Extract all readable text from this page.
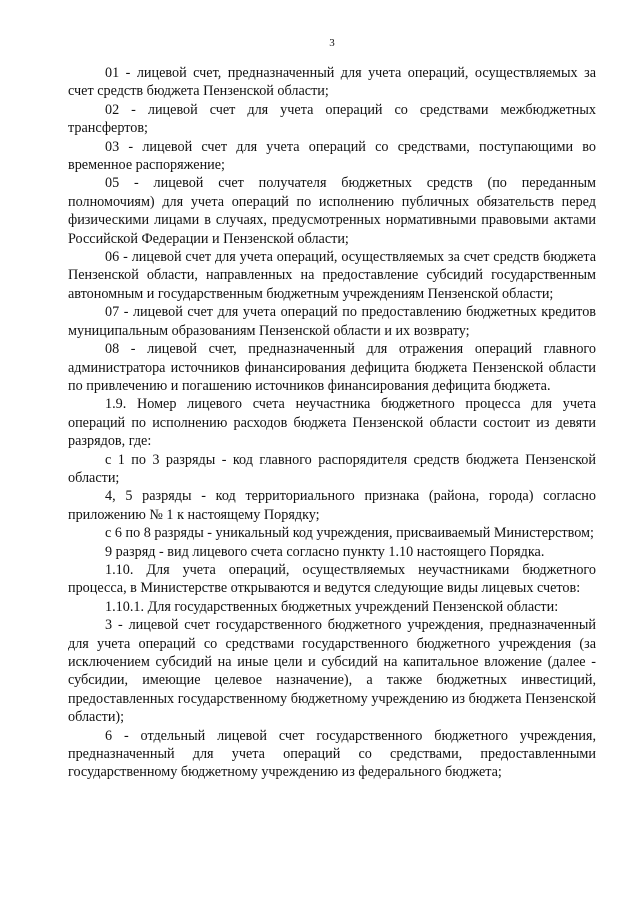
3

01 - лицевой счет, предназначенный для учета операций, осуществляемых за счет средств бюджета Пензенской области;

02 - лицевой счет для учета операций со средствами межбюджетных трансфертов;

03 - лицевой счет для учета операций со средствами, поступающими во временное распоряжение;

05 - лицевой счет получателя бюджетных средств (по переданным полномочиям) для учета операций по исполнению публичных обязательств перед физическими лицами в случаях, предусмотренных нормативными правовыми актами Российской Федерации и Пензенской области;

06 - лицевой счет для учета операций, осуществляемых за счет средств бюджета Пензенской области, направленных на предоставление субсидий государственным автономным и государственным бюджетным учреждениям Пензенской области;

07 - лицевой счет для учета операций по предоставлению бюджетных кредитов муниципальным образованиям Пензенской области и их возврату;

08 - лицевой счет, предназначенный для отражения операций главного администратора источников финансирования дефицита бюджета Пензенской области по привлечению и погашению источников финансирования дефицита бюджета.

1.9. Номер лицевого счета неучастника бюджетного процесса для учета операций по исполнению расходов бюджета Пензенской области состоит из девяти разрядов, где:

с 1 по 3 разряды - код главного распорядителя средств бюджета Пензенской области;

4, 5 разряды - код территориального признака (района, города) согласно приложению № 1 к настоящему Порядку;

с 6 по 8 разряды - уникальный код учреждения, присваиваемый Министерством;

9 разряд - вид лицевого счета согласно пункту 1.10 настоящего Порядка.

1.10. Для учета операций, осуществляемых неучастниками бюджетного процесса, в Министерстве открываются и ведутся следующие виды лицевых счетов:

1.10.1. Для государственных бюджетных учреждений Пензенской области:

3 - лицевой счет государственного бюджетного учреждения, предназначенный для учета операций со средствами государственного бюджетного учреждения (за исключением субсидий на иные цели и субсидий на капитальное вложение (далее - субсидии, имеющие целевое назначение), а также бюджетных инвестиций, предоставленных государственному бюджетному учреждению из бюджета Пензенской области);

6 - отдельный лицевой счет государственного бюджетного учреждения, предназначенный для учета операций со средствами, предоставленными государственному бюджетному учреждению из федерального бюджета;
